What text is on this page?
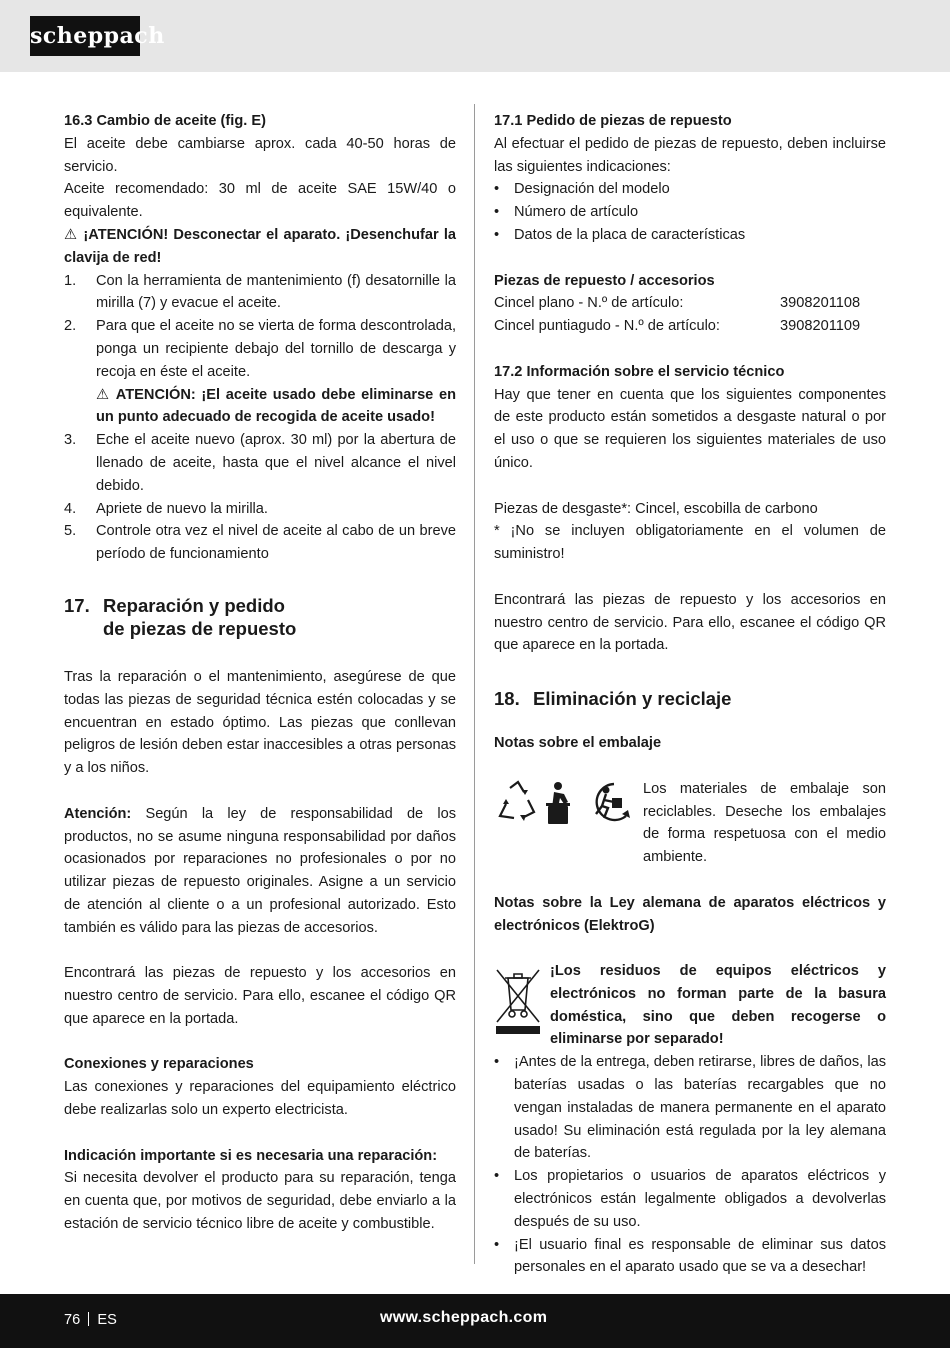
scheppach

16.3 Cambio de aceite (fig. E)

El aceite debe cambiarse aprox. cada 40-50 horas de servicio.

Aceite recomendado: 30 ml de aceite SAE 15W/40 o equivalente.

⚠ ¡ATENCIÓN! Desconectar el aparato. ¡Desenchufar la clavija de red!

1. Con la herramienta de mantenimiento (f) desatornille la mirilla (7) y evacue el aceite.
2. Para que el aceite no se vierta de forma descontrolada, ponga un recipiente debajo del tornillo de descarga y recoja en éste el aceite.
⚠ ATENCIÓN: ¡El aceite usado debe eliminarse en un punto adecuado de recogida de aceite usado!
3. Eche el aceite nuevo (aprox. 30 ml) por la abertura de llenado de aceite, hasta que el nivel alcance el nivel debido.
4. Apriete de nuevo la mirilla.
5. Controle otra vez el nivel de aceite al cabo de un breve período de funcionamiento
17. Reparación y pedido
de piezas de repuesto

Tras la reparación o el mantenimiento, asegúrese de que todas las piezas de seguridad técnica estén colocadas y se encuentran en estado óptimo. Las piezas que conllevan peligros de lesión deben estar inaccesibles a otras personas y a los niños.

Atención: Según la ley de responsabilidad de los productos, no se asume ninguna responsabilidad por daños ocasionados por reparaciones no profesionales o por no utilizar piezas de repuesto originales. Asigne a un servicio de atención al cliente o a un profesional autorizado. Esto también es válido para las piezas de accesorios.

Encontrará las piezas de repuesto y los accesorios en nuestro centro de servicio. Para ello, escanee el código QR que aparece en la portada.

Conexiones y reparaciones

Las conexiones y reparaciones del equipamiento eléctrico debe realizarlas solo un experto electricista.

Indicación importante si es necesaria una reparación:

Si necesita devolver el producto para su reparación, tenga en cuenta que, por motivos de seguridad, debe enviarlo a la estación de servicio técnico libre de aceite y combustible.

17.1 Pedido de piezas de repuesto

Al efectuar el pedido de piezas de repuesto, deben incluirse las siguientes indicaciones:

• Designación del modelo
• Número de artículo
• Datos de la placa de características

Piezas de repuesto / accesorios

Cincel plano - N.º de artículo:	3908201108
Cincel puntiagudo - N.º de artículo:	3908201109

17.2 Información sobre el servicio técnico

Hay que tener en cuenta que los siguientes componentes de este producto están sometidos a desgaste natural o por el uso o que se requieren los siguientes materiales de uso único.

Piezas de desgaste*: Cincel, escobilla de carbono

* ¡No se incluyen obligatoriamente en el volumen de suministro!

Encontrará las piezas de repuesto y los accesorios en nuestro centro de servicio. Para ello, escanee el código QR que aparece en la portada.

18. Eliminación y reciclaje

Notas sobre el embalaje

Los materiales de embalaje son reciclables. Deseche los embalajes de forma respetuosa con el medio ambiente.

Notas sobre la Ley alemana de aparatos eléctricos y electrónicos (ElektroG)

¡Los residuos de equipos eléctricos y electrónicos no forman parte de la basura doméstica, sino que deben recogerse o eliminarse por separado!

• ¡Antes de la entrega, deben retirarse, libres de daños, las baterías usadas o las baterías recargables que no vengan instaladas de manera permanente en el aparato usado! Su eliminación está regulada por la ley alemana de baterías.
• Los propietarios o usuarios de aparatos eléctricos y electrónicos están legalmente obligados a devolverlas después de su uso.
• ¡El usuario final es responsable de eliminar sus datos personales en el aparato usado que se va a desechar!
76 ES	www.scheppach.com
